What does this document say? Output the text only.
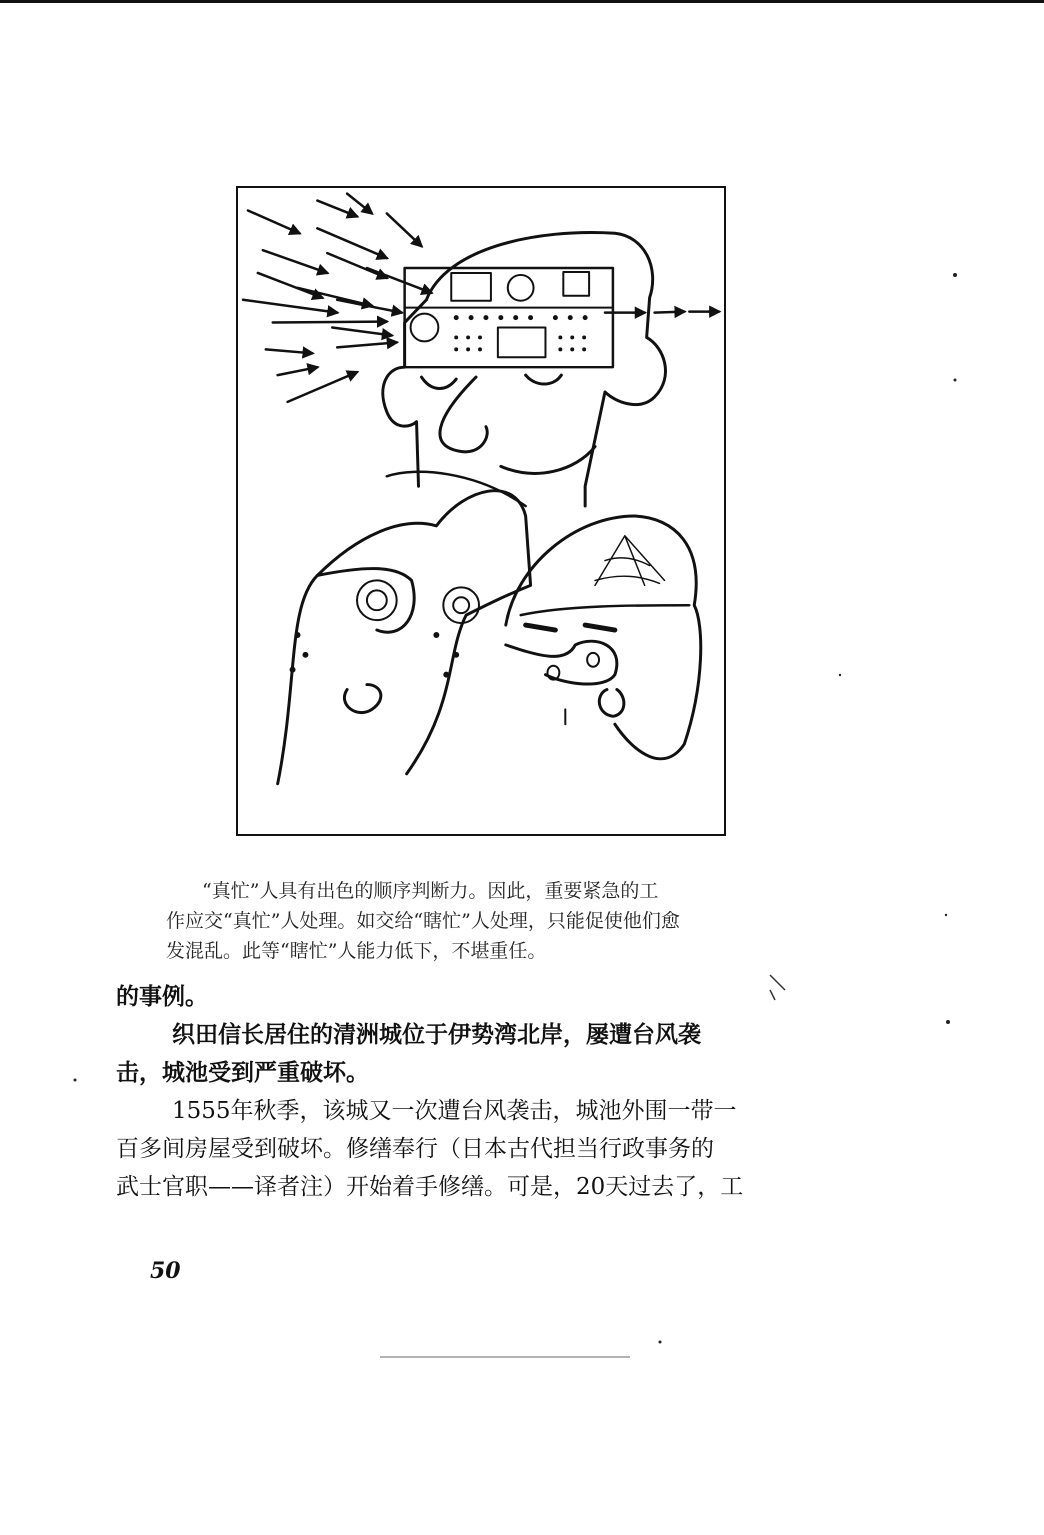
“真忙”人具有出色的顺序判断力。因此，重要紧急的工
作应交“真忙”人处理。如交给“瞎忙”人处理，只能促使他们愈
发混乱。此等“瞎忙”人能力低下，不堪重任。
的事例。
织田信长居住的清洲城位于伊势湾北岸，屡遭台风袭
击，城池受到严重破坏。
1555年秋季，该城又一次遭台风袭击，城池外围一带一
百多间房屋受到破坏。修缮奉行（日本古代担当行政事务的
武士官职——译者注）开始着手修缮。可是，20天过去了，工
50
